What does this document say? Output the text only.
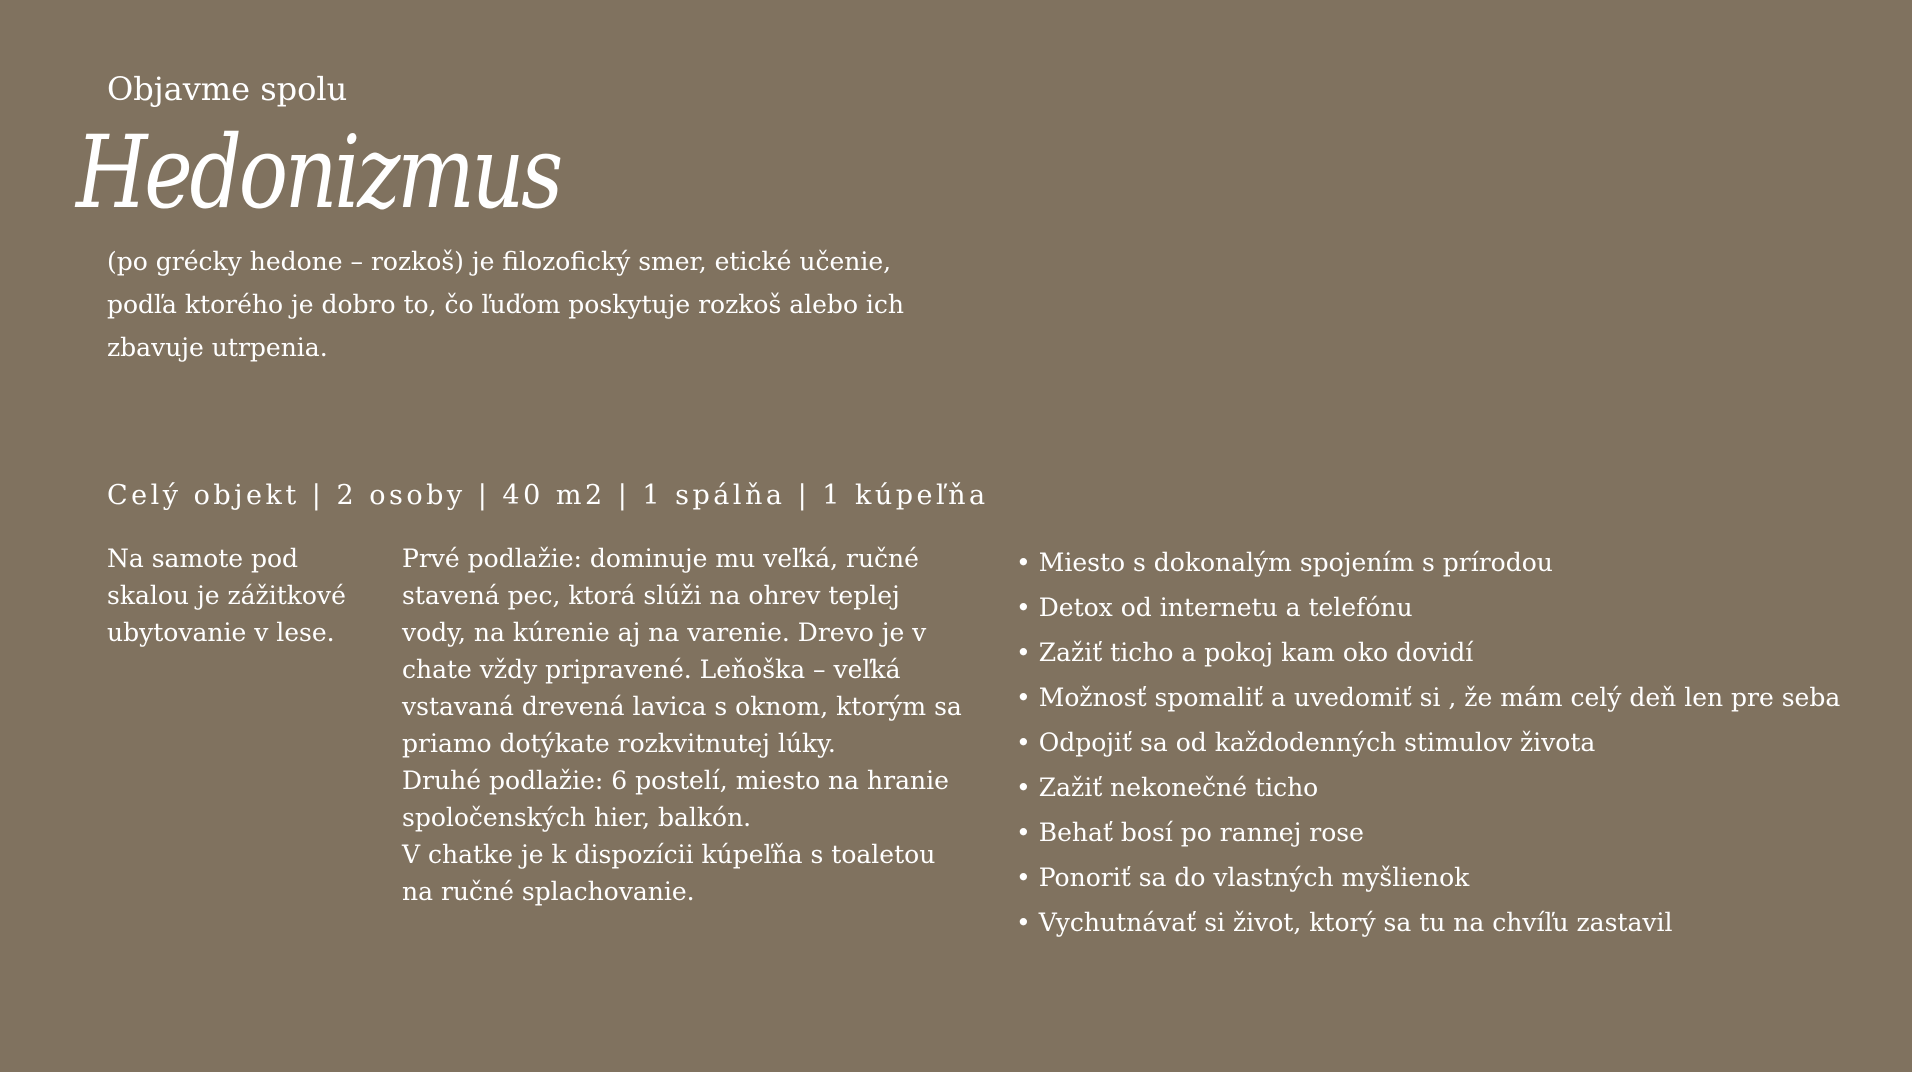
Objavme spolu
Hedonizmus
(po grécky hedone – rozkoš) je filozofický smer, etické učenie, podľa ktorého je dobro to, čo ľuďom poskytuje rozkoš alebo ich zbavuje utrpenia.
Celý objekt | 2 osoby | 40 m2 | 1 spálňa | 1 kúpeľňa
Na samote pod skalou je zážitkové ubytovanie v lese.

Prvé podlažie: dominuje mu veľká, ručné stavená pec, ktorá slúži na ohrev teplej vody, na kúrenie aj na varenie. Drevo je v chate vždy pripravené. Leňoška – veľká vstavaná drevená lavica s oknom, ktorým sa priamo dotýkate rozkvitnutej lúky.

Druhé podlažie: 6 postelí, miesto na hranie spoločenských hier, balkón.

V chatke je k dispozícii kúpeľňa s toaletou na ručné splachovanie.

• Miesto s dokonalým spojením s prírodou
• Detox od internetu a telefónu
• Zažiť ticho a pokoj kam oko dovidí
• Možnosť spomaliť a uvedomiť si , že mám celý deň len pre seba
• Odpojiť sa od každodenných stimulov života
• Zažiť nekonečné ticho
• Behať bosí po rannej rose
• Ponoriť sa do vlastných myšlienok
• Vychutnávať si život, ktorý sa tu na chvíľu zastavil
